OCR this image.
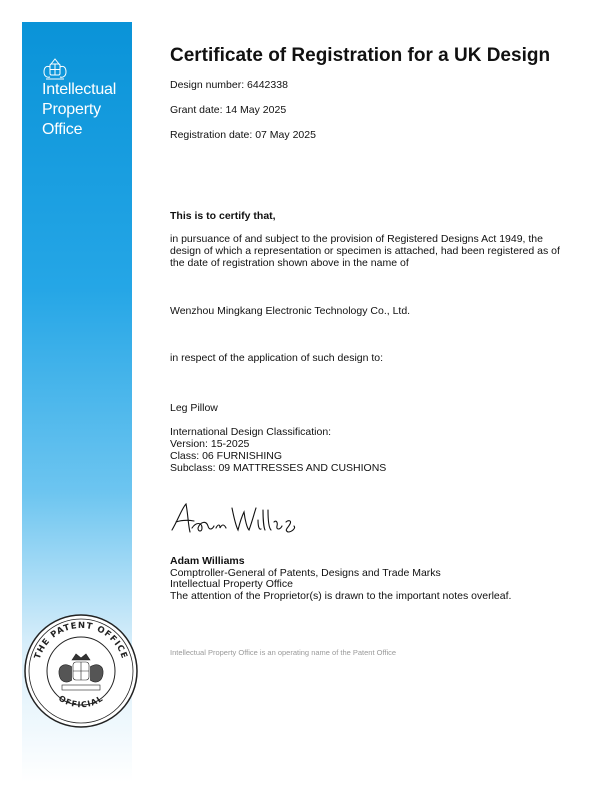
Intellectual
Property
Office
THE PATENT OFFICE
OFFICIAL
Certificate of Registration for a UK Design
Design number: 6442338
Grant date: 14 May 2025
Registration date: 07 May 2025
This is to certify that,
in pursuance of and subject to the provision of Registered Designs Act 1949, the design of which a representation or specimen is attached, had been registered as of the date of registration shown above in the name of
Wenzhou Mingkang Electronic Technology Co., Ltd.
in respect of the application of such design to:
Leg Pillow
International Design Classification:
Version: 15-2025
Class: 06 FURNISHING
Subclass: 09 MATTRESSES AND CUSHIONS
Adam Williams
Comptroller-General of Patents, Designs and Trade Marks
Intellectual Property Office
The attention of the Proprietor(s) is drawn to the important notes overleaf.
Intellectual Property Office is an operating name of the Patent Office
